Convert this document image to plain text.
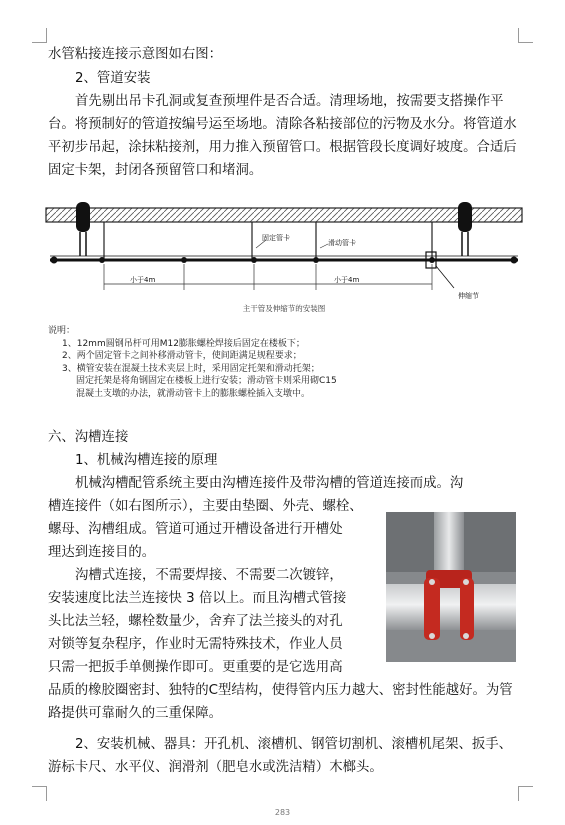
水管粘接连接示意图如右图：

2、管道安装

首先剔出吊卡孔洞或复查预埋件是否合适。清理场地，按需要支搭操作平台。将预制好的管道按编号运至场地。清除各粘接部位的污物及水分。将管道水平初步吊起，涂抹粘接剂，用力推入预留管口。根据管段长度调好坡度。合适后固定卡架，封闭各预留管口和堵洞。

固定管卡
滑动管卡
小于4m	小于4m
伸缩节
主干管及伸缩节的安装图
说明：
1、12mm圆钢吊杆可用M12膨胀螺栓焊接后固定在楼板下；
2、两个固定管卡之间补移滑动管卡，使间距满足规程要求；
3、横管安装在混凝土技术夹层上时，采用固定托架和滑动托架；
固定托架是将角钢固定在楼板上进行安装；滑动管卡则采用砌C15
混凝土支墩的办法，就滑动管卡上的膨胀螺栓插入支墩中。

六、沟槽连接

1、机械沟槽连接的原理

机械沟槽配管系统主要由沟槽连接件及带沟槽的管道连接而成。沟

槽连接件（如右图所示），主要由垫圈、外壳、螺栓、

螺母、沟槽组成。管道可通过开槽设备进行开槽处

理达到连接目的。

沟槽式连接，不需要焊接、不需要二次镀锌，

安装速度比法兰连接快 3 倍以上。而且沟槽式管接

头比法兰轻，螺栓数量少，舍弃了法兰接头的对孔

对锁等复杂程序，作业时无需特殊技术，作业人员

只需一把扳手单侧操作即可。更重要的是它选用高

品质的橡胶圈密封、独特的C型结构，使得管内压力越大、密封性能越好。为管路提供可靠耐久的三重保障。

2、安装机械、器具：开孔机、滚槽机、钢管切割机、滚槽机尾架、扳手、游标卡尺、水平仪、润滑剂（肥皂水或洗洁精）木榔头。

283
